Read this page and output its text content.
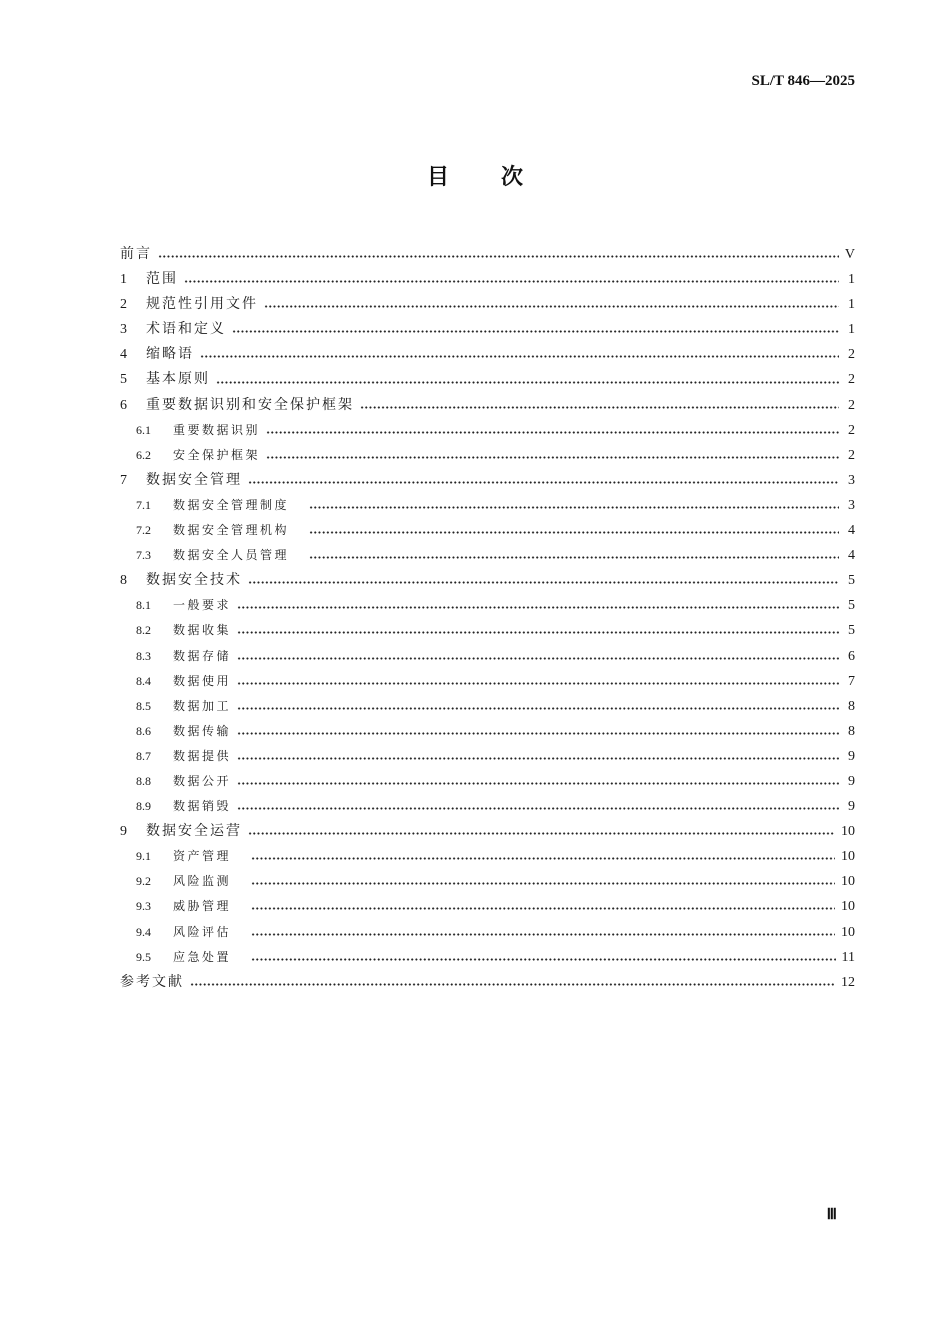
SL/T 846—2025
目次
前言	V
1	范围	1
2	规范性引用文件	1
3	术语和定义	1
4	缩略语	2
5	基本原则	2
6	重要数据识别和安全保护框架	2
6.1	重要数据识别	2
6.2	安全保护框架	2
7	数据安全管理	3
7.1	数据安全管理制度	3
7.2	数据安全管理机构	4
7.3	数据安全人员管理	4
8	数据安全技术	5
8.1	一般要求	5
8.2	数据收集	5
8.3	数据存储	6
8.4	数据使用	7
8.5	数据加工	8
8.6	数据传输	8
8.7	数据提供	9
8.8	数据公开	9
8.9	数据销毁	9
9	数据安全运营	10
9.1	资产管理	10
9.2	风险监测	10
9.3	威胁管理	10
9.4	风险评估	10
9.5	应急处置	11
参考文献	12
Ⅲ
